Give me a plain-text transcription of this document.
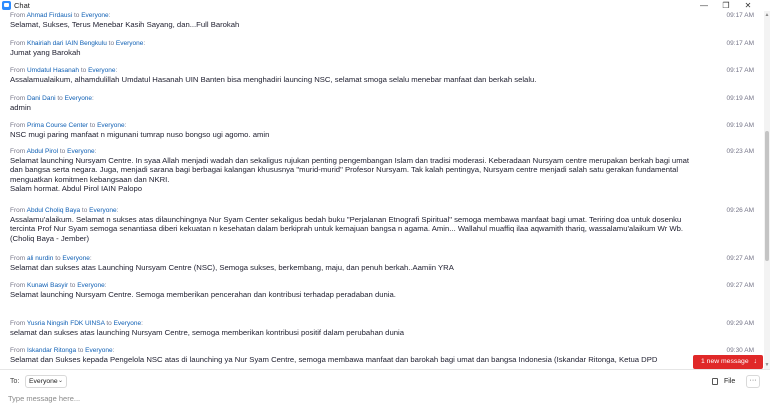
Chat	—	❐	✕
From Ahmad Firdausi to Everyone:	09:17 AM
Selamat, Sukses, Terus Menebar Kasih Sayang, dan...Full Barokah
From Khairiah dari IAIN Bengkulu to Everyone:	09:17 AM
Jumat yang Barokah
From Umdatul Hasanah to Everyone:	09:17 AM
Assalamualaikum, alhamdulillah Umdatul Hasanah UIN Banten bisa menghadiri launcing NSC, selamat smoga selalu menebar manfaat dan berkah selalu.
From Dani Dani to Everyone:	09:19 AM
admin
From Prima Course Center to Everyone:	09:19 AM
NSC mugi paring manfaat n migunani tumrap nuso bongso ugi agomo. amin
From Abdul Pirol to Everyone:	09:23 AM
Selamat launching Nursyam Centre. In syaa Allah menjadi wadah dan sekaligus rujukan penting pengembangan Islam dan tradisi moderasi. Keberadaan Nursyam centre merupakan berkah bagi umat
dan bangsa serta negara. Juga, menjadi sarana bagi berbagai kalangan khususnya "murid-murid" Profesor Nursyam. Tak kalah pentingya, Nursyam centre menjadi salah satu gerakan fundamental
menguatkan komitmen kebangsaan dan NKRI.
Salam hormat. Abdul Pirol IAIN Palopo
From Abdul Choliq Baya to Everyone:	09:26 AM
Assalamu'alaikum. Selamat n sukses atas dilaunchingnya Nur Syam Center sekaligus bedah buku "Perjalanan Etnografi Spiritual" semoga membawa manfaat bagi umat. Teriring doa untuk dosenku
tercinta Prof Nur Syam semoga senantiasa diberi kekuatan n kesehatan dalam berkiprah untuk kemajuan bangsa n agama. Amin... Wallahul muaffiq ilaa aqwamith thariq, wassalamu'alaikum Wr Wb.
(Choliq Baya - Jember)
From ali nurdin to Everyone:	09:27 AM
Selamat dan sukses atas Launching Nursyam Centre (NSC), Semoga sukses, berkembang, maju, dan penuh berkah..Aamiin YRA
From Kunawi Basyir to Everyone:	09:27 AM
Selamat launching Nursyam Centre. Semoga memberikan pencerahan dan kontribusi terhadap peradaban dunia.
From Yusria Ningsih FDK UINSA to Everyone:	09:29 AM
selamat dan sukses atas launching Nursyam Centre, semoga memberikan kontribusi positif dalam perubahan dunia
From Iskandar Ritonga to Everyone:	09:30 AM
Selamat dan Sukses kepada Pengelola NSC atas di launching ya Nur Syam Centre, semoga membawa manfaat dan barokah bagi umat dan bangsa Indonesia (Iskandar Ritonga, Ketua DPD
▲
▼
1 new message ↓
To:	Everyone ⌄	File	···
Type message here...
